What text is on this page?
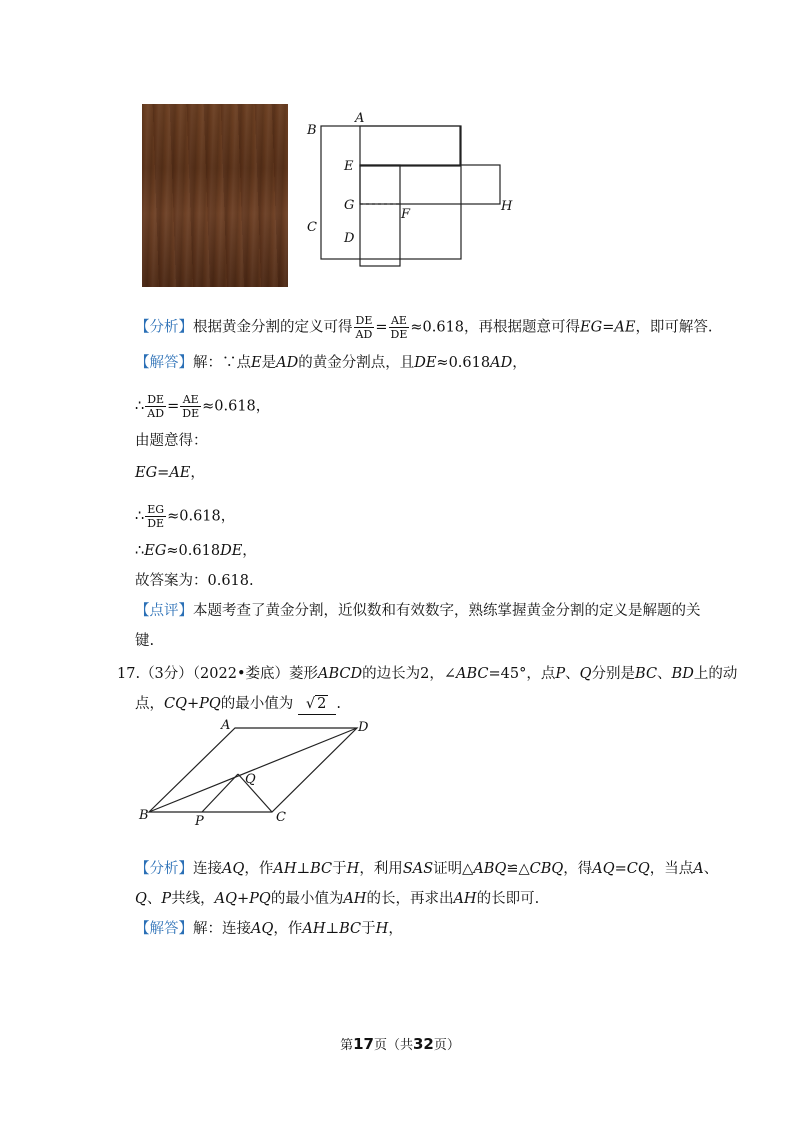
B
A
E
G
F
H
C
D
【分析】根据黄金分割的定义可得 $\frac{DE}{AD} = \frac{AE}{DE} \approx 0.618$，再根据题意可得EG=AE，即可解答.
【解答】解：∵点E是AD的黄金分割点，且DE≈0.618AD，
∴ $\frac{DE}{AD} = \frac{AE}{DE} \approx 0.618$，
由题意得：
EG=AE，
∴ $\frac{EG}{DE} \approx 0.618$，
∴EG≈0.618DE，
故答案为：0.618.
【点评】本题考查了黄金分割，近似数和有效数字，熟练掌握黄金分割的定义是解题的关
键.
17.（3分）（2022•娄底）菱形ABCD的边长为2，∠ABC=45°，点P、Q分别是BC、BD上的动
点，CQ+PQ的最小值为 √ 2 .
A	D
B	C
P
Q
【分析】连接AQ，作AH⊥BC于H，利用SAS证明△ABQ≌△CBQ，得AQ=CQ，当点A、
Q、P共线，AQ+PQ的最小值为AH的长，再求出AH的长即可.
【解答】解：连接AQ，作AH⊥BC于H，
第17页（共32页）
